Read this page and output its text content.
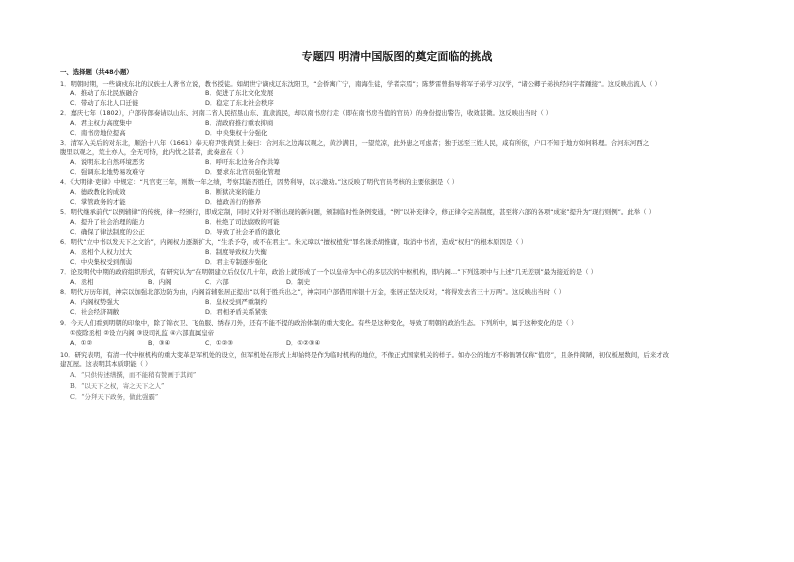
专题四 明清中国版图的奠定面临的挑战
一、选择题（共48小题）
1．明朝时期，一些谪戍东北的汉族士人著书立说，教书授徒。如胡世宁谪戍辽东沈阳卫，“会侨寓广宁，南海生徒，学者宗焉”；陈梦雷曾指导将军子弟学习汉学，“诸公卿子弟执经问字者踵接”。这反映出流人（ ）
A．推动了东北民族融合	B．促进了东北文化发展
C．带动了东北人口迁徙	D．稳定了东北社会秩序
2．嘉庆七年（1802），户部侍郎奏请以山东、河南二省人民招垦山东、直隶流民，却以南书房行走（即在南书房当值的官员）的身份提出警告，收效甚微。这反映出当时（ ）
A．君主权力高度集中	B．清政府推行重农抑商
C．南书房地位提高	D．中央集权十分强化
3．清军入关后的对东北，顺治十八年（1661）奉天府尹张尚贤上奏曰：合河东之边海以观之，黄沙满目，一望荒凉，此外患之可虑者；独于远至三姓人民，咸有所依，户口不知于地方如何料理。合河东河西之
腹里以观之，荒土亦人，全无可恃，此内忧之甚者，此奏意在（ ）
A．说明东北自然环境恶劣	B．呼吁东北边务合作共筹
C．强调东北地势易攻难守	D．要求东北官员强化管理
4．《大明律·吏律》中规定：“凡官吏三年，则数一年之绩，考察其能否胜任，因势利导，以示激劝。”这反映了明代官员考核的主要依据是（ ）
A．德政教化的成效	B．断狱决案的能力
C．掌管政务的才能	D．德政善行的修养
5．明代继承前代“以例辅律”的传统，律一经颁行，即成定制，同时又针对不断出现的新问题，颁制临时性条例变通，“例”以补充律令，修正律令完善制度，甚至将六部的各项“成案”提升为“现行则例”。此举（ ）
A．提升了社会治理的能力	B．杜绝了司法腐败的可能
C．确保了律法制度的公正	D．导致了社会矛盾的激化
6．明代“立中书以发天下之文治”，内阁权力逐渐扩大，“生杀予夺，或不在君主”。朱元璋以“擅权植党”罪名诛杀胡惟庸，取消中书省，造成“权归”的根本原因是（ ）
A．丞相个人权力过大	B．制度导致权力失衡
C．中央集权受到削弱	D．君主专制逐步强化
7．论及明代中期的政府组织形式，有研究认为“在明朝建立后仅仅几十年，政治上就形成了一个以皇帝为中心的多层次的中枢机构，即内阁…”下列选项中与上述“几无差别”最为接近的是（ ）
A．丞相	B．内阁	C．六部	D．制史
8．明代万历年间，神宗以加强北部边防为由，内阁首辅张居正提出“以利于胜兵出之”，神宗同户部借用库银十万金，张居正坚决反对，“将得发去省三十万两”。这反映出当时（ ）
A．内阁权势强大	B．皇权受到严重制约
C．社会经济凋敝	D．君相矛盾关系紧张
9．今天人们看到明朝的印象中，除了锦衣卫、飞鱼服、绣春刀外，还有不能不提的政治体制的重大变化。有些是这种变化，导致了明朝的政治生态。下列所中，属于这种变化的是（ ）
①废除丞相 ②设立内阁 ③设司礼监 ④六部直属皇帝
A．①②	B．③④	C．①②③	D．①②③④
10．研究表明，有清一代中枢机构的重大变革是军机处的设立，但军机处在形式上却始终是作为临时机构的地位，不像正式国家机关的样子。如办公的地方不称衙署仅称“值房”，且条件简陋，初仅板屋数间，后来才改
建瓦屋。这表明其本质职能（ ）
A．“只供传述缮撰，而不能稍有赞画于其间”
B．“以天下之权，寄之天下之人”
C．“分拜天下政务，做此强霸”
